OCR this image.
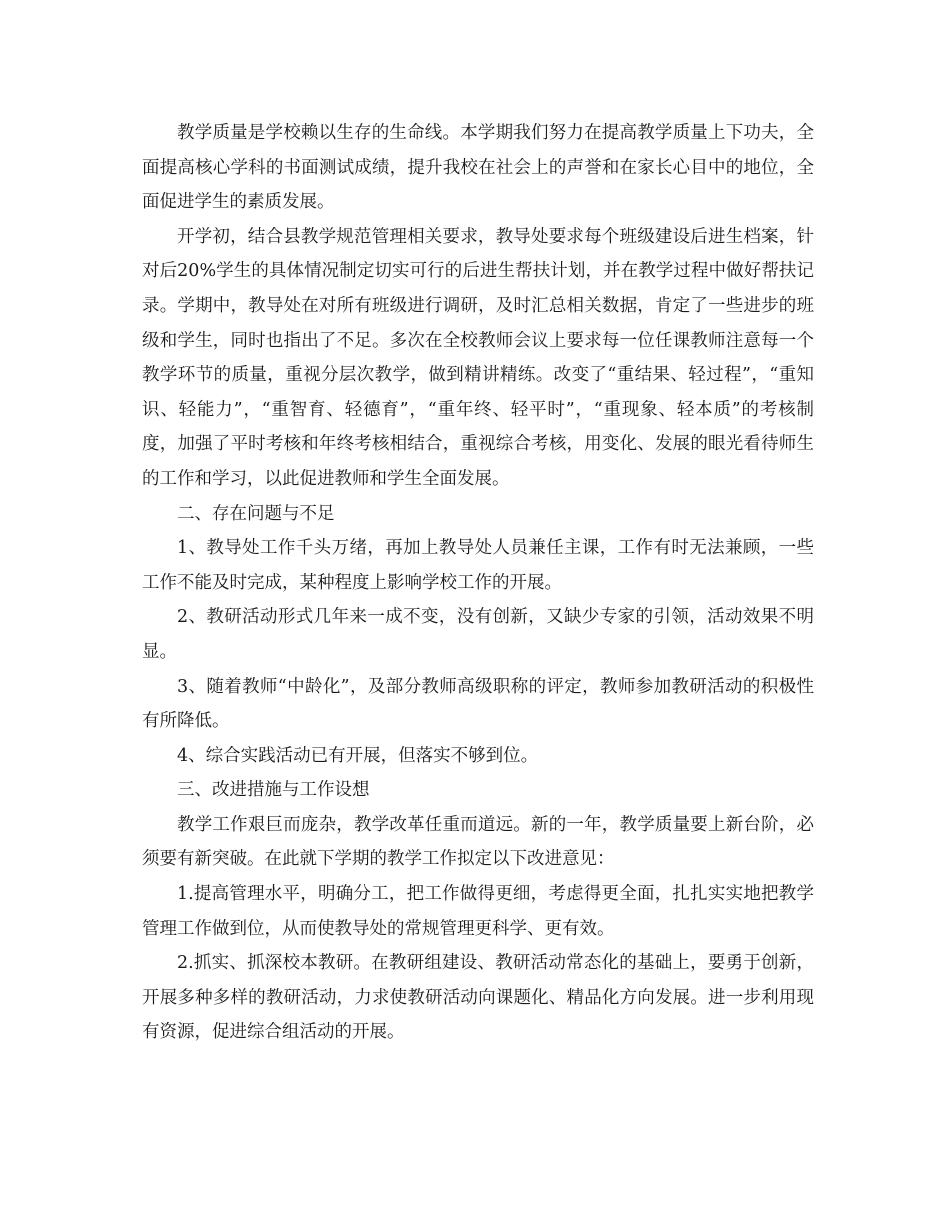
教学质量是学校赖以生存的生命线。本学期我们努力在提高教学质量上下功夫，全面提高核心学科的书面测试成绩，提升我校在社会上的声誉和在家长心目中的地位，全面促进学生的素质发展。

开学初，结合县教学规范管理相关要求，教导处要求每个班级建设后进生档案，针对后20%学生的具体情况制定切实可行的后进生帮扶计划，并在教学过程中做好帮扶记录。学期中，教导处在对所有班级进行调研，及时汇总相关数据，肯定了一些进步的班级和学生，同时也指出了不足。多次在全校教师会议上要求每一位任课教师注意每一个教学环节的质量，重视分层次教学，做到精讲精练。改变了“重结果、轻过程”，“重知识、轻能力”，“重智育、轻德育”，“重年终、轻平时”，“重现象、轻本质”的考核制度，加强了平时考核和年终考核相结合，重视综合考核，用变化、发展的眼光看待师生的工作和学习，以此促进教师和学生全面发展。

二、存在问题与不足

1、教导处工作千头万绪，再加上教导处人员兼任主课，工作有时无法兼顾，一些工作不能及时完成，某种程度上影响学校工作的开展。

2、教研活动形式几年来一成不变，没有创新，又缺少专家的引领，活动效果不明显。

3、随着教师“中龄化”，及部分教师高级职称的评定，教师参加教研活动的积极性有所降低。

4、综合实践活动已有开展，但落实不够到位。

三、改进措施与工作设想

教学工作艰巨而庞杂，教学改革任重而道远。新的一年，教学质量要上新台阶，必须要有新突破。在此就下学期的教学工作拟定以下改进意见：

1.提高管理水平，明确分工，把工作做得更细，考虑得更全面，扎扎实实地把教学管理工作做到位，从而使教导处的常规管理更科学、更有效。

2.抓实、抓深校本教研。在教研组建设、教研活动常态化的基础上，要勇于创新，开展多种多样的教研活动，力求使教研活动向课题化、精品化方向发展。进一步利用现有资源，促进综合组活动的开展。
